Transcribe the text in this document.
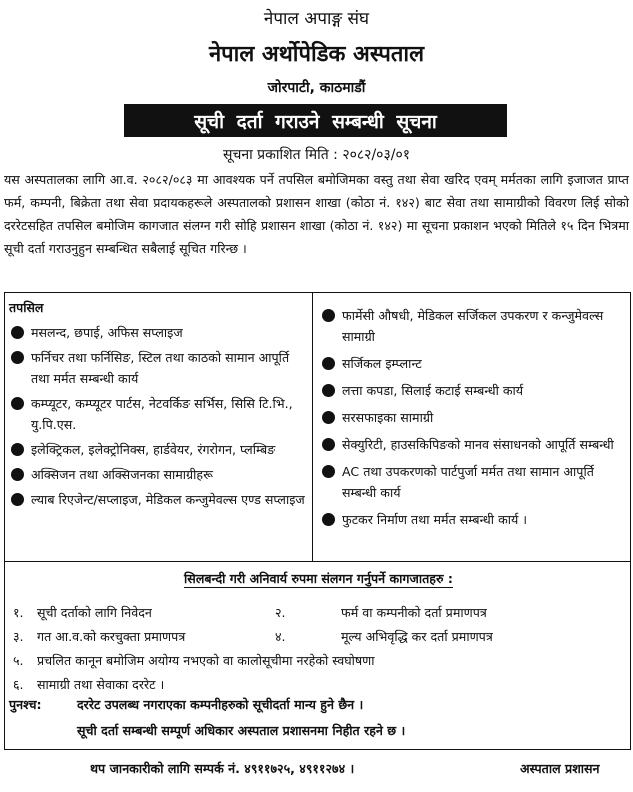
नेपाल अपाङ्ग संघ
नेपाल अर्थोपेडिक अस्पताल
जोरपाटी, काठमाडौं
सूची दर्ता गराउने सम्बन्धी सूचना
सूचना प्रकाशित मिति : २०८२/०३/०१

यस अस्पतालका लागि आ.व. २०८२/०८३ मा आवश्यक पर्ने तपसिल बमोजिमका वस्तु तथा सेवा खरिद एवम् मर्मतका लागि इजाजत प्राप्त फर्म, कम्पनी, बिक्रेता तथा सेवा प्रदायकहरूले अस्पतालको प्रशासन शाखा (कोठा नं. १४२) बाट सेवा तथा सामाग्रीको विवरण लिई सोको दररेटसहित तपसिल बमोजिम कागजात संलग्न गरी सोहि प्रशासन शाखा (कोठा नं. १४२) मा सूचना प्रकाशन भएको मितिले १५ दिन भित्रमा सूची दर्ता गराउनुहुन सम्बन्धित सबैलाई सूचित गरिन्छ ।

तपसिल
मसलन्द, छपाई, अफिस सप्लाइज
फर्निचर तथा फर्निसिङ, स्टिल तथा काठको सामान आपूर्ति तथा मर्मत सम्बन्धी कार्य
कम्प्यूटर, कम्प्यूटर पार्टस, नेटवर्किङ सर्भिस, सिसि टि.भि., यु.पि.एस.
इलेक्ट्रिकल, इलेक्ट्रोनिक्स, हार्डवेयर, रंगरोगन, प्लम्बिङ
अक्सिजन तथा अक्सिजनका सामाग्रीहरू
ल्याब रिएजेन्ट/सप्लाइज, मेडिकल कन्जुमेवल्स एण्ड सप्लाइज
फार्मेसी औषधी, मेडिकल सर्जिकल उपकरण र कन्जुमेवल्स सामाग्री
सर्जिकल इम्प्लान्ट
लत्ता कपडा, सिलाई कटाई सम्बन्धी कार्य
सरसफाइका सामाग्री
सेक्युरिटी, हाउसकिपिङको मानव संसाधनको आपूर्ति सम्बन्धी
AC तथा उपकरणको पार्टपुर्जा मर्मत तथा सामान आपूर्ति सम्बन्धी कार्य
फुटकर निर्माण तथा मर्मत सम्बन्धी कार्य ।
सिलबन्दी गरी अनिवार्य रुपमा संलगन गर्नुपर्ने कागजातहरु :
१. सूची दर्ताको लागि निवेदन	२.	फर्म वा कम्पनीको दर्ता प्रमाणपत्र
३. गत आ.व.को करचुक्ता प्रमाणपत्र	४.	मूल्य अभिवृद्धि कर दर्ता प्रमाणपत्र
५. प्रचलित कानून बमोजिम अयोग्य नभएको वा कालोसूचीमा नरहेको स्वघोषणा
६. सामाग्री तथा सेवाका दररेट ।
पुनश्च:	दररेट उपलब्ध नगराएका कम्पनीहरुको सूचीदर्ता मान्य हुने छैन ।
सूची दर्ता सम्बन्धी सम्पूर्ण अधिकार अस्पताल प्रशासनमा निहीत रहने छ ।
थप जानकारीको लागि सम्पर्क नं. ४९११७२५, ४९११२७४ ।	अस्पताल प्रशासन
